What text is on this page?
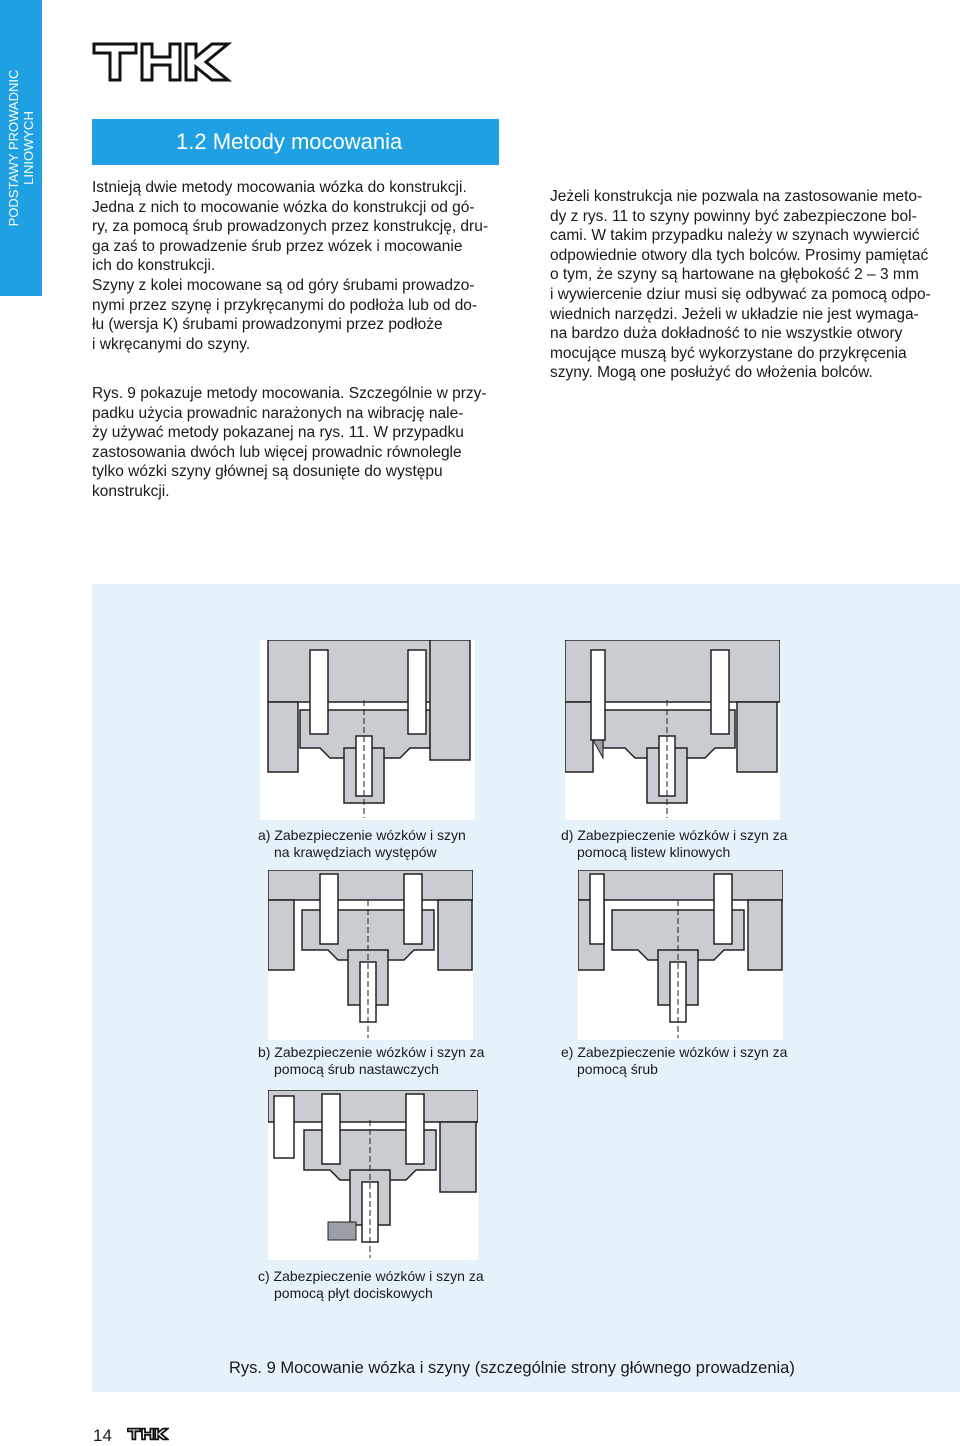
PODSTAWY PROWADNIC
LINIOWYCH	1.2 Metody mocowania

Istnieją dwie metody mocowania wózka do konstrukcji.
Jedna z nich to mocowanie wózka do konstrukcji od gó-
ry, za pomocą śrub prowadzonych przez konstrukcję, dru-
ga zaś to prowadzenie śrub przez wózek i mocowanie
ich do konstrukcji.
Szyny z kolei mocowane są od góry śrubami prowadzo-
nymi przez szynę i przykręcanymi do podłoża lub od do-
łu (wersja K) śrubami prowadzonymi przez podłoże
i wkręcanymi do szyny.

Rys. 9 pokazuje metody mocowania. Szczególnie w przy-
padku użycia prowadnic narażonych na wibrację nale-
ży używać metody pokazanej na rys. 11. W przypadku
zastosowania dwóch lub więcej prowadnic równolegle
tylko wózki szyny głównej są dosunięte do występu
konstrukcji.

Jeżeli konstrukcja nie pozwala na zastosowanie meto-
dy z rys. 11 to szyny powinny być zabezpieczone bol-
cami. W takim przypadku należy w szynach wywiercić
odpowiednie otwory dla tych bolców. Prosimy pamiętać
o tym, że szyny są hartowane na głębokość 2 – 3 mm
i wywiercenie dziur musi się odbywać za pomocą odpo-
wiednich narzędzi. Jeżeli w układzie nie jest wymaga-
na bardzo duża dokładność to nie wszystkie otwory
mocujące muszą być wykorzystane do przykręcenia
szyny. Mogą one posłużyć do włożenia bolców.

a) Zabezpieczenie wózków i szyn
na krawędziach występów
d) Zabezpieczenie wózków i szyn za
pomocą listew klinowych
b) Zabezpieczenie wózków i szyn za
pomocą śrub nastawczych
e) Zabezpieczenie wózków i szyn za
pomocą śrub
c) Zabezpieczenie wózków i szyn za
pomocą płyt dociskowych
Rys. 9 Mocowanie wózka i szyny (szczególnie strony głównego prowadzenia)
14
